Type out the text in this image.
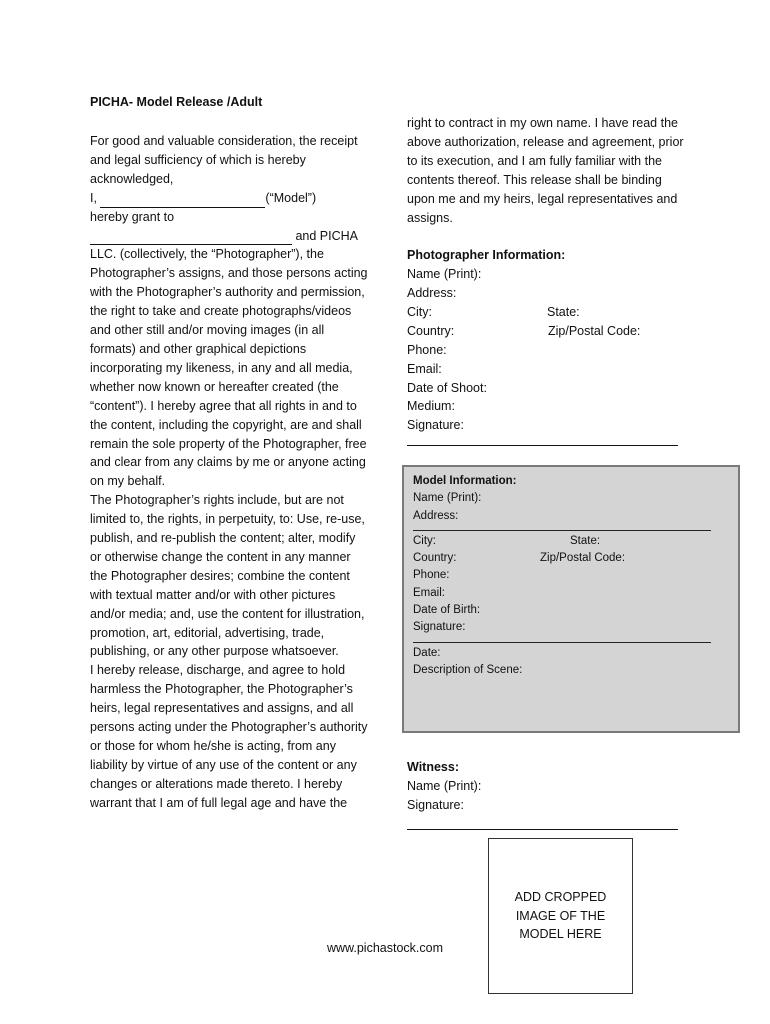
PICHA- Model Release /Adult

For good and valuable consideration, the receipt and legal sufficiency of which is hereby acknowledged,

I,	(“Model”)

hereby grant to

and PICHA

LLC. (collectively, the “Photographer”), the Photographer’s assigns, and those persons acting with the Photographer’s authority and permission, the right to take and create photographs/videos and other still and/or moving images (in all formats) and other graphical depictions incorporating my likeness, in any and all media, whether now known or hereafter created (the “content”). I hereby agree that all rights in and to the content, including the copyright, are and shall remain the sole property of the Photographer, free and clear from any claims by me or anyone acting on my behalf.

The Photographer’s rights include, but are not limited to, the rights, in perpetuity, to: Use, re-use, publish, and re-publish the content; alter, modify or otherwise change the content in any manner the Photographer desires; combine the content with textual matter and/or with other pictures and/or media; and, use the content for illustration, promotion, art, editorial, advertising, trade, publishing, or any other purpose whatsoever.

I hereby release, discharge, and agree to hold harmless the Photographer, the Photographer’s heirs, legal representatives and assigns, and all persons acting under the Photographer’s authority or those for whom he/she is acting, from any liability by virtue of any use of the content or any changes or alterations made thereto. I hereby warrant that I am of full legal age and have the

right to contract in my own name. I have read the above authorization, release and agreement, prior to its execution, and I am fully familiar with the contents thereof. This release shall be binding upon me and my heirs, legal representatives and assigns.

Photographer Information:
Name (Print):
Address:
City:	State:
Country:	Zip/Postal Code:
Phone:
Email:
Date of Shoot:
Medium:
Signature:
Model Information:
Name (Print):
Address:
City:	State:
Country:	Zip/Postal Code:
Phone:
Email:
Date of Birth:
Signature:
Date:
Description of Scene:
Witness:
Name (Print):
Signature:
ADD CROPPED
IMAGE OF THE
MODEL HERE
www.pichastock.com
